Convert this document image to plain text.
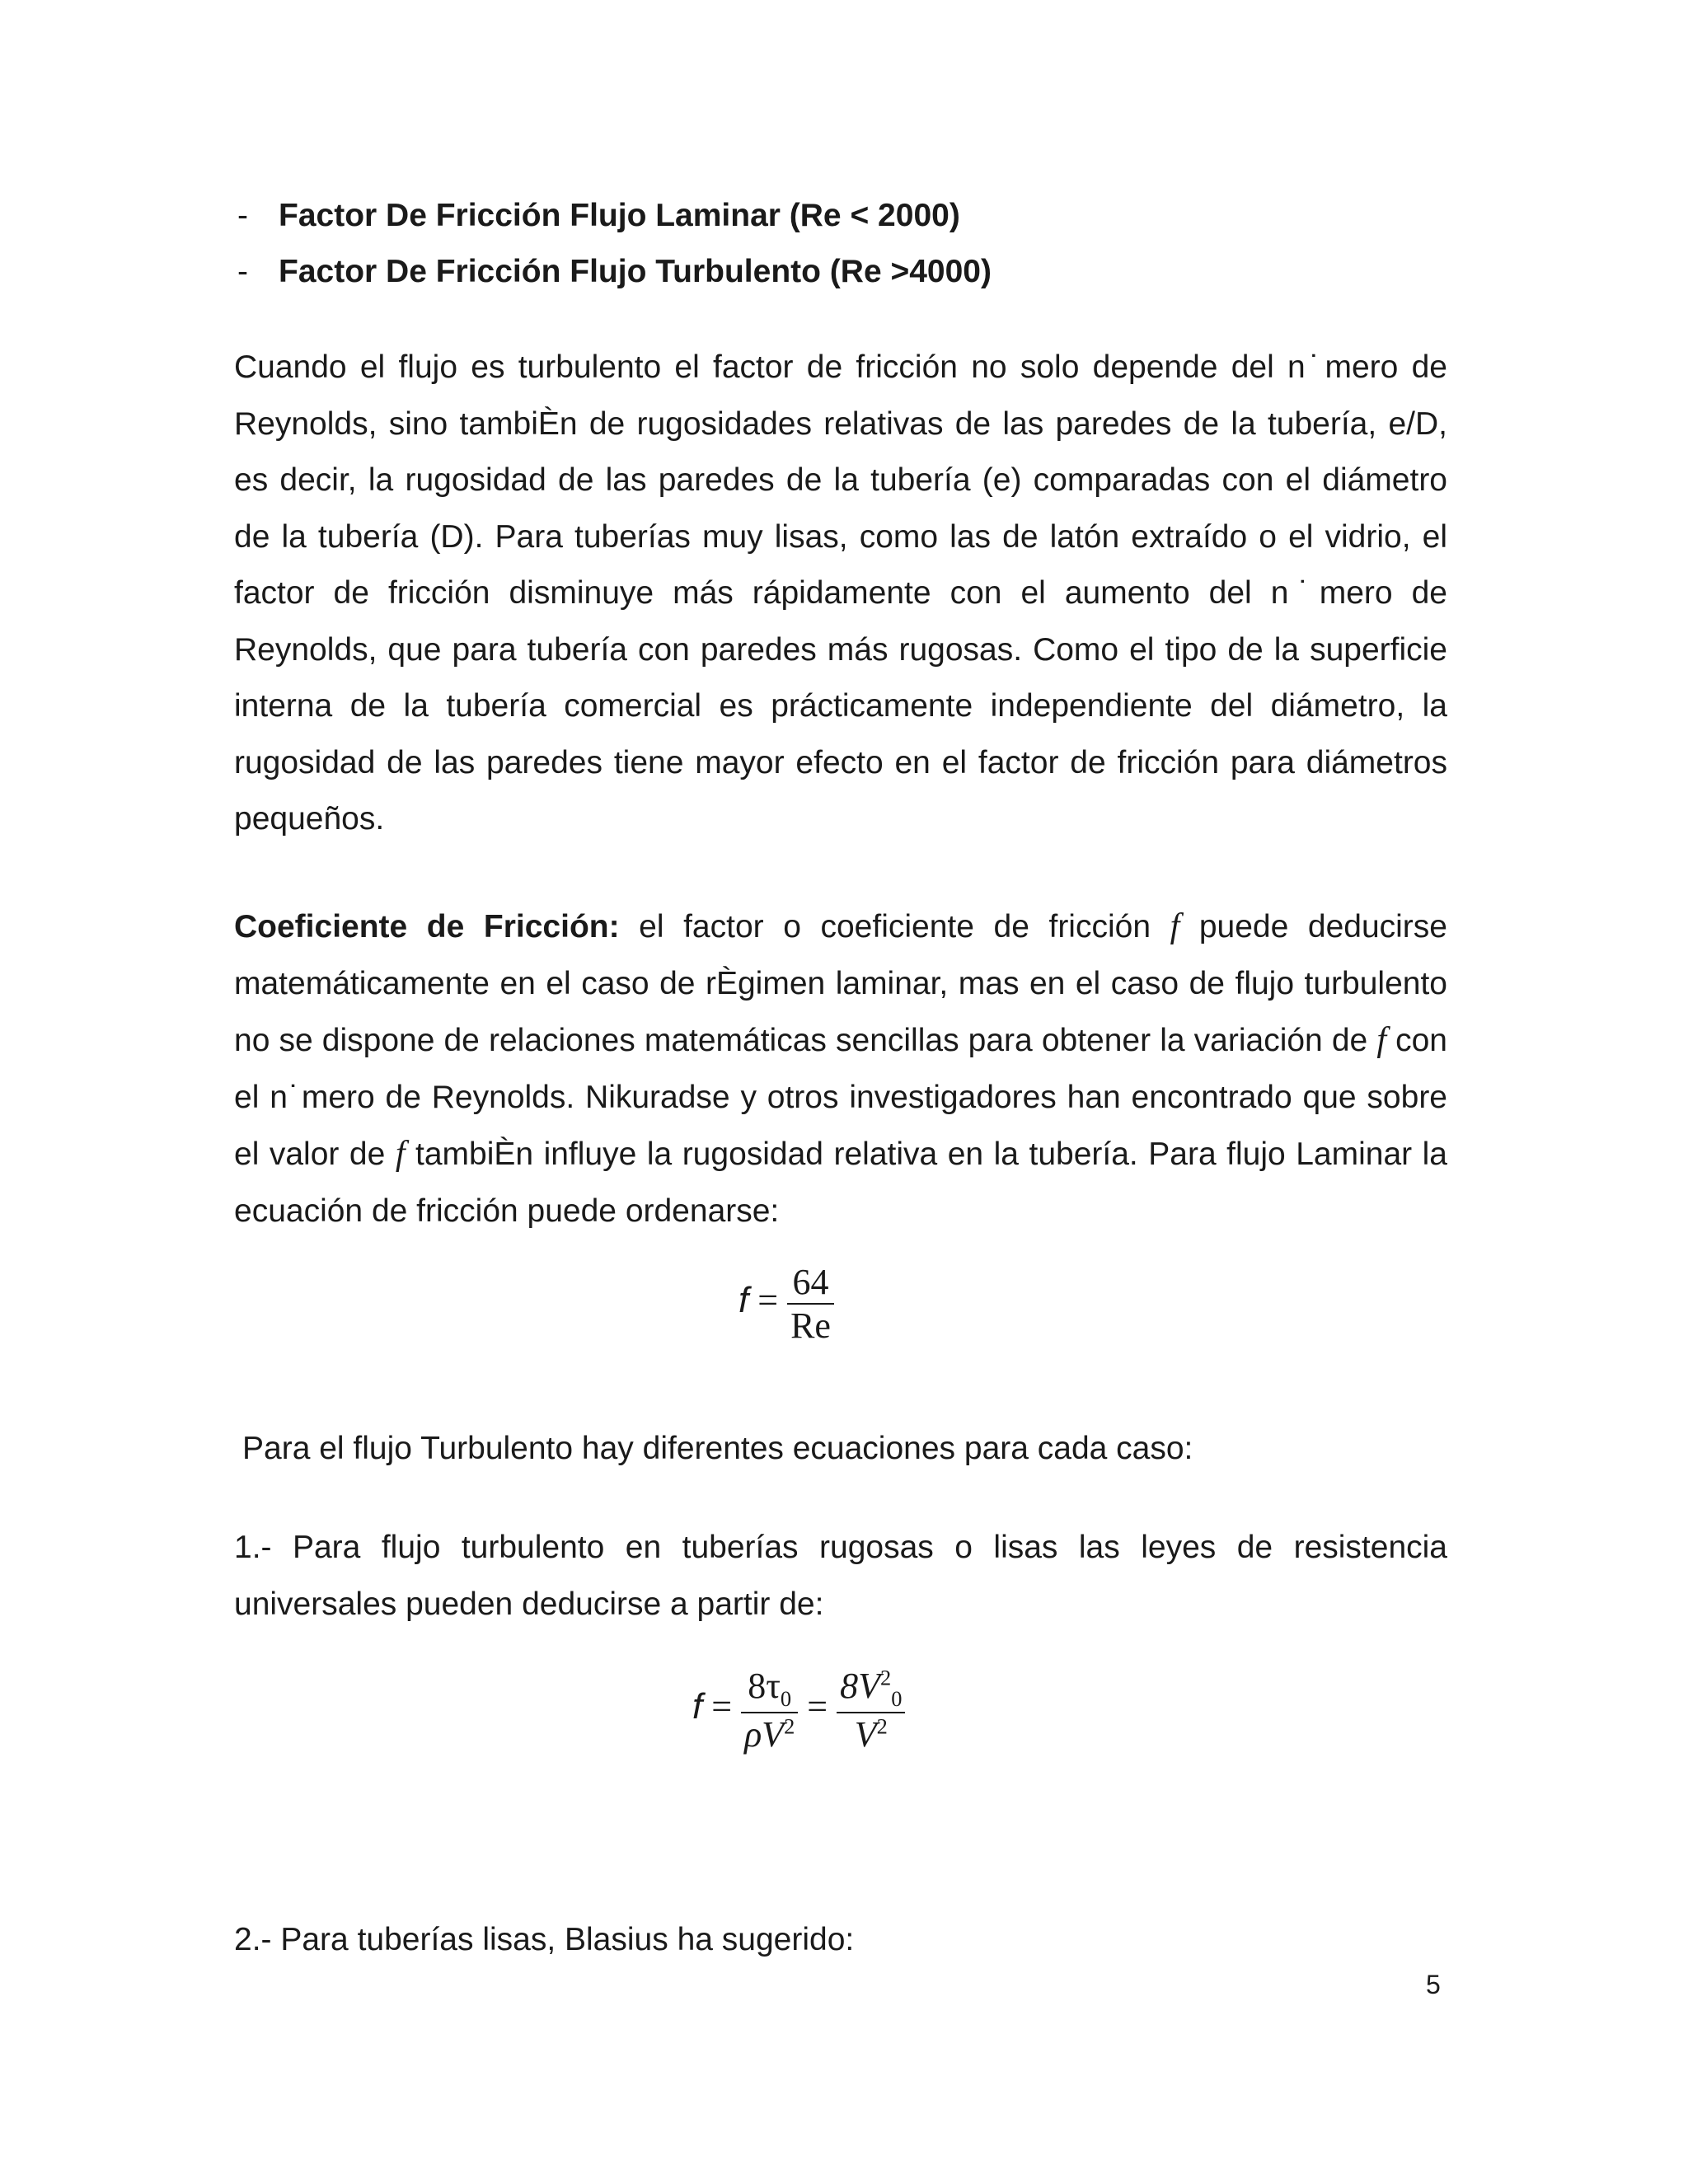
- Factor De Fricción Flujo Laminar (Re < 2000)
- Factor De Fricción Flujo Turbulento (Re >4000)

Cuando el flujo es turbulento el factor de fricción no solo depende del n˙mero de Reynolds, sino tambiÈn de rugosidades relativas de las paredes de la tubería, e/D, es decir, la rugosidad de las paredes de la tubería (e) comparadas con el diámetro de la tubería (D). Para tuberías muy lisas, como las de latón extraído o el vidrio, el factor de fricción disminuye más rápidamente con el aumento del n˙mero de Reynolds, que para tubería con paredes más rugosas. Como el tipo de la superficie interna de la tubería comercial es prácticamente independiente del diámetro, la rugosidad de las paredes tiene mayor efecto en el factor de fricción para diámetros pequeños.

Coeficiente de Fricción: el factor o coeficiente de fricción f puede deducirse matemáticamente en el caso de rÈgimen laminar, mas en el caso de flujo turbulento no se dispone de relaciones matemáticas sencillas para obtener la variación de f con el n˙mero de Reynolds. Nikuradse y otros investigadores han encontrado que sobre el valor de f tambiÈn influye la rugosidad relativa en la tubería. Para flujo Laminar la ecuación de fricción puede ordenarse:

$f = \frac{64}{Re}$
Para el flujo Turbulento hay diferentes ecuaciones para cada caso:

1.- Para flujo turbulento en tuberías rugosas o lisas las leyes de resistencia universales pueden deducirse a partir de:

$f = \frac{8\tau_0}{\rho V^2} = \frac{8V^2_0}{V^2}$
2.- Para tuberías lisas, Blasius ha sugerido:
5
